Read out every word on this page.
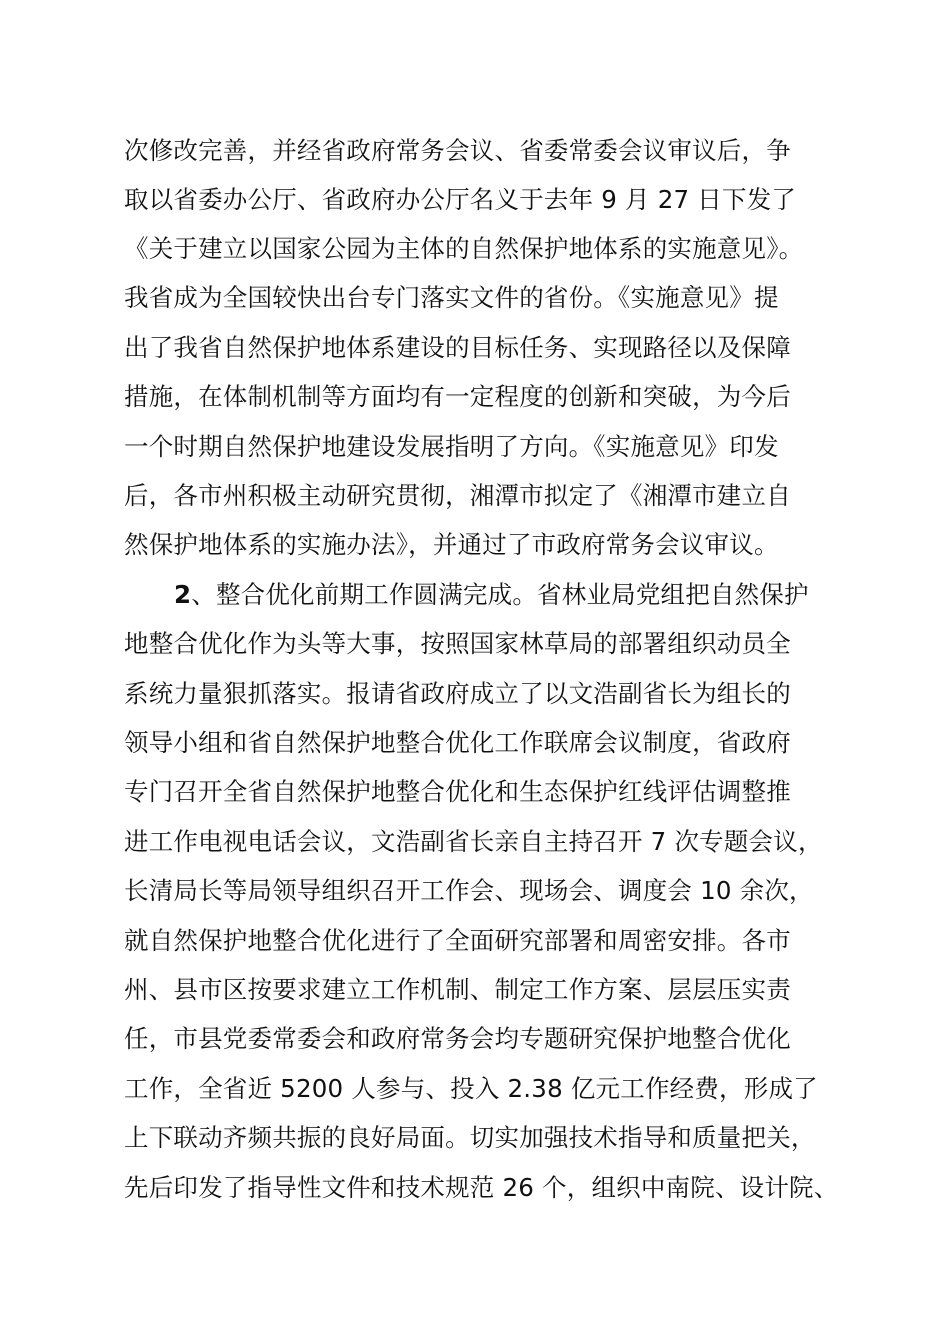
次修改完善，并经省政府常务会议、省委常委会议审议后，争
取以省委办公厅、省政府办公厅名义于去年 9 月 27 日下发了
《关于建立以国家公园为主体的自然保护地体系的实施意见》。
我省成为全国较快出台专门落实文件的省份。《实施意见》提
出了我省自然保护地体系建设的目标任务、实现路径以及保障
措施，在体制机制等方面均有一定程度的创新和突破，为今后
一个时期自然保护地建设发展指明了方向。《实施意见》印发
后，各市州积极主动研究贯彻，湘潭市拟定了《湘潭市建立自
然保护地体系的实施办法》，并通过了市政府常务会议审议。
2、整合优化前期工作圆满完成。省林业局党组把自然保护
地整合优化作为头等大事，按照国家林草局的部署组织动员全
系统力量狠抓落实。报请省政府成立了以文浩副省长为组长的
领导小组和省自然保护地整合优化工作联席会议制度，省政府
专门召开全省自然保护地整合优化和生态保护红线评估调整推
进工作电视电话会议，文浩副省长亲自主持召开 7 次专题会议，
长清局长等局领导组织召开工作会、现场会、调度会 10 余次，
就自然保护地整合优化进行了全面研究部署和周密安排。各市
州、县市区按要求建立工作机制、制定工作方案、层层压实责
任，市县党委常委会和政府常务会均专题研究保护地整合优化
工作，全省近 5200 人参与、投入 2.38 亿元工作经费，形成了
上下联动齐频共振的良好局面。切实加强技术指导和质量把关，
先后印发了指导性文件和技术规范 26 个，组织中南院、设计院、
